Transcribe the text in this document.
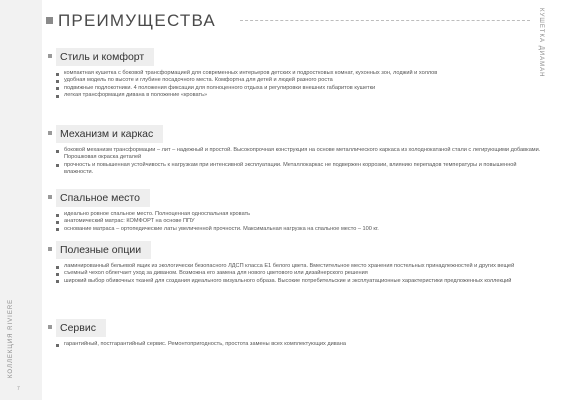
КОЛЛЕКЦИЯ RIVIERE
7
КУШЕТКА ДИАМАН
ПРЕИМУЩЕСТВА
Стиль и комфорт
компактная кушетка с боковой трансформацией для современных интерьеров детских и подростковых комнат, кухонных зон, лоджий и холлов
удобная модель по высоте и глубине посадочного места. Комфортна для детей и людей разного роста
подвижные подлокотники. 4 положения фиксации для полноценного отдыха и регулировки внешних габаритов кушетки
легкая трансформация дивана в положение «кровать»
Механизм и каркас
боковой механизм трансформации – лит – надежный и простой. Высокопрочная конструкция на основе металлического каркаса из холоднокатаной стали с легирующими добавками. Порошковая окраска деталей
прочность и повышенная устойчивость к нагрузкам при интенсивной эксплуатации. Металлокаркас не подвержен коррозии, влиянию перепадов температуры и повышенной влажности.
Спальное место
идеально ровное спальное место. Полноценная односпальная кровать
анатомический матрас: КОМФОРТ на основе ППУ
основание матраса – ортопедические латы увеличенной прочности. Максимальная нагрузка на спальное место – 100 кг.
Полезные опции
ламинированный бельевой ящик из экологически безопасного ЛДСП класса Е1 белого цвета. Вместительное место хранения постельных принадлежностей и других вещей
съемный чехол облегчает уход за диваном. Возможна его замена для нового цветового или дизайнерского решения
широкий выбор обивочных тканей для создания идеального визуального образа. Высокие потребительские и эксплуатационные характеристики предложенных коллекций
Сервис
гарантийный, постгарантийный сервис. Ремонтопригодность, простота замены всех комплектующих дивана
